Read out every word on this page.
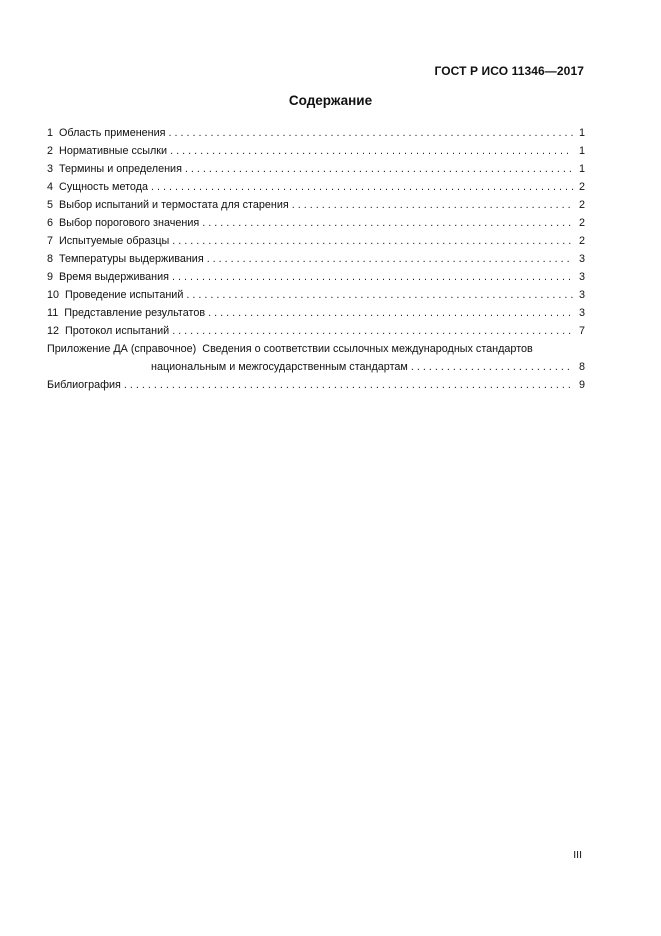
ГОСТ Р ИСО 11346—2017
Содержание
1 Область применения . . .	1
2 Нормативные ссылки . . .	1
3 Термины и определения . . .	1
4 Сущность метода . . .	2
5 Выбор испытаний и термостата для старения . . .	2
6 Выбор порогового значения . . .	2
7 Испытуемые образцы . . .	2
8 Температуры выдерживания . . .	3
9 Время выдерживания . . .	3
10 Проведение испытаний . . .	3
11 Представление результатов . . .	3
12 Протокол испытаний . . .	7
Приложение ДА (справочное) Сведения о соответствии ссылочных международных стандартов
национальным и межгосударственным стандартам . . .	8
Библиография . . .	9
III
